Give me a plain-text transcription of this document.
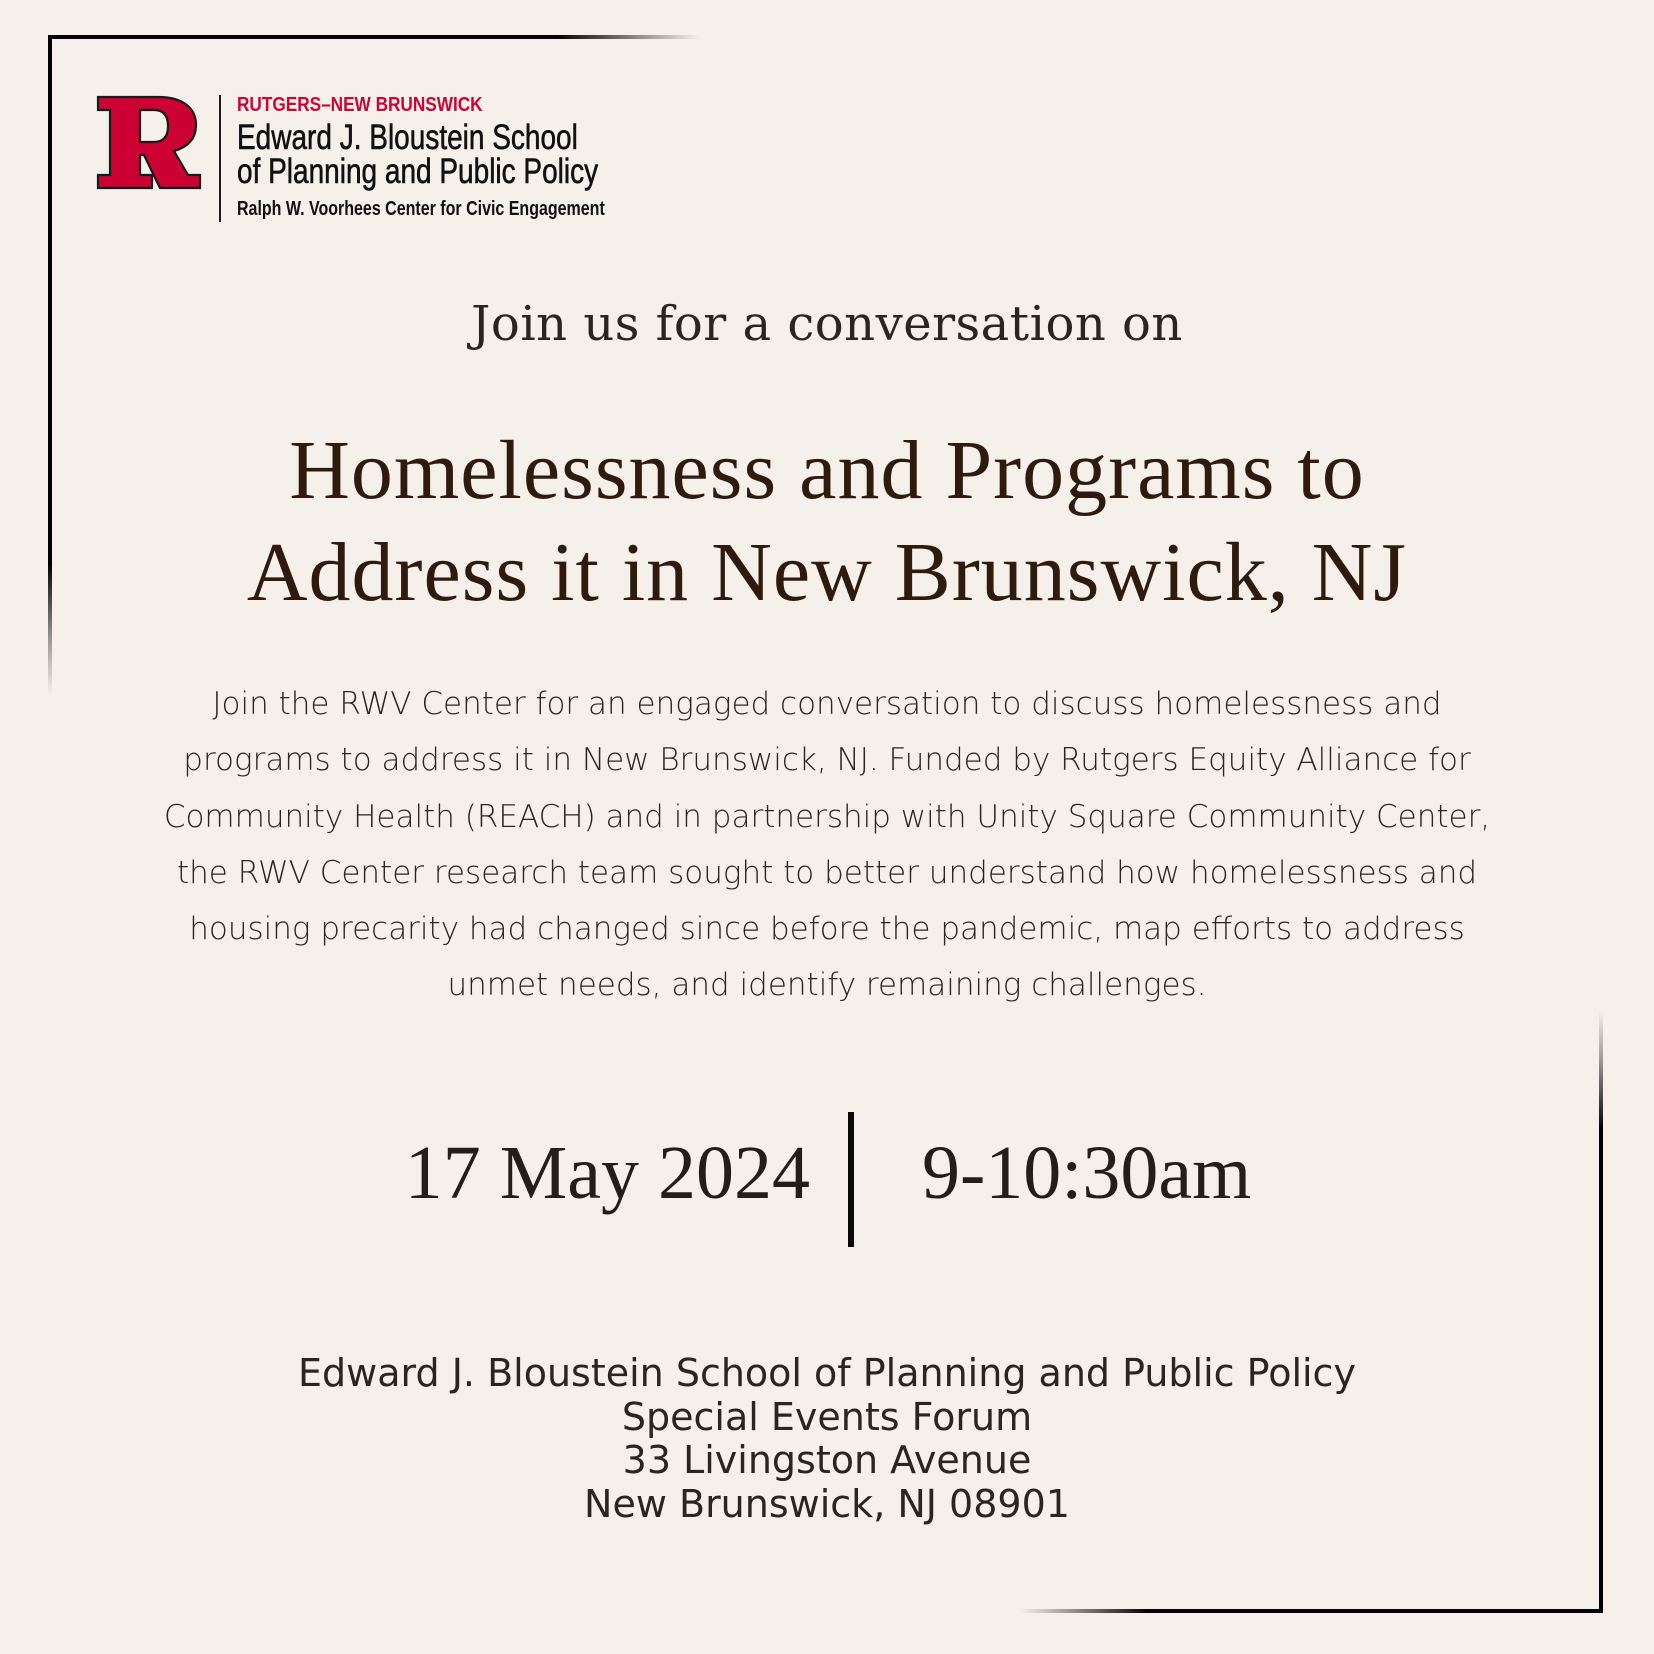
RUTGERS–NEW BRUNSWICK
Edward J. Bloustein School
of Planning and Public Policy
Ralph W. Voorhees Center for Civic Engagement
Join us for a conversation on
Homelessness and Programs to
Address it in New Brunswick, NJ
Join the RWV Center for an engaged conversation to discuss homelessness and
programs to address it in New Brunswick, NJ. Funded by Rutgers Equity Alliance for
Community Health (REACH) and in partnership with Unity Square Community Center,
the RWV Center research team sought to better understand how homelessness and
housing precarity had changed since before the pandemic, map efforts to address
unmet needs, and identify remaining challenges.
17 May 2024 9-10:30am
Edward J. Bloustein School of Planning and Public Policy
Special Events Forum
33 Livingston Avenue
New Brunswick, NJ 08901
